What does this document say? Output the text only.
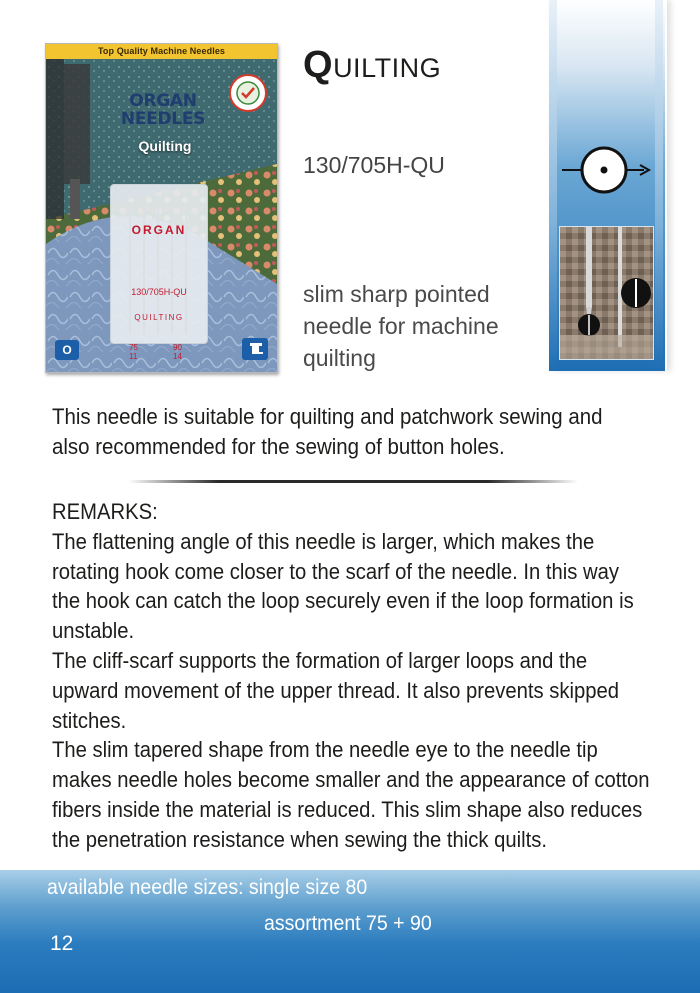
Top Quality Machine Needles
ORGAN
NEEDLES
Quilting
ORGAN
130/705H-QU
QUILTING
75
11
90
14
O
QUILTING
130/705H-QU
slim sharp pointed needle for machine quilting
This needle is suitable for quilting and patchwork sewing and also recommended for the sewing of button holes.

REMARKS:

The flattening angle of this needle is larger, which makes the rotating hook come closer to the scarf of the needle. In this way the hook can catch the loop securely even if the loop formation is unstable.

The cliff-scarf supports the formation of larger loops and the upward movement of the upper thread. It also prevents skipped stitches.

The slim tapered shape from the needle eye to the needle tip makes needle holes become smaller and the appearance of cotton fibers inside the material is reduced. This slim shape also reduces the penetration resistance when sewing the thick quilts.

available needle sizes: single size 80
assortment 75 + 90
12
